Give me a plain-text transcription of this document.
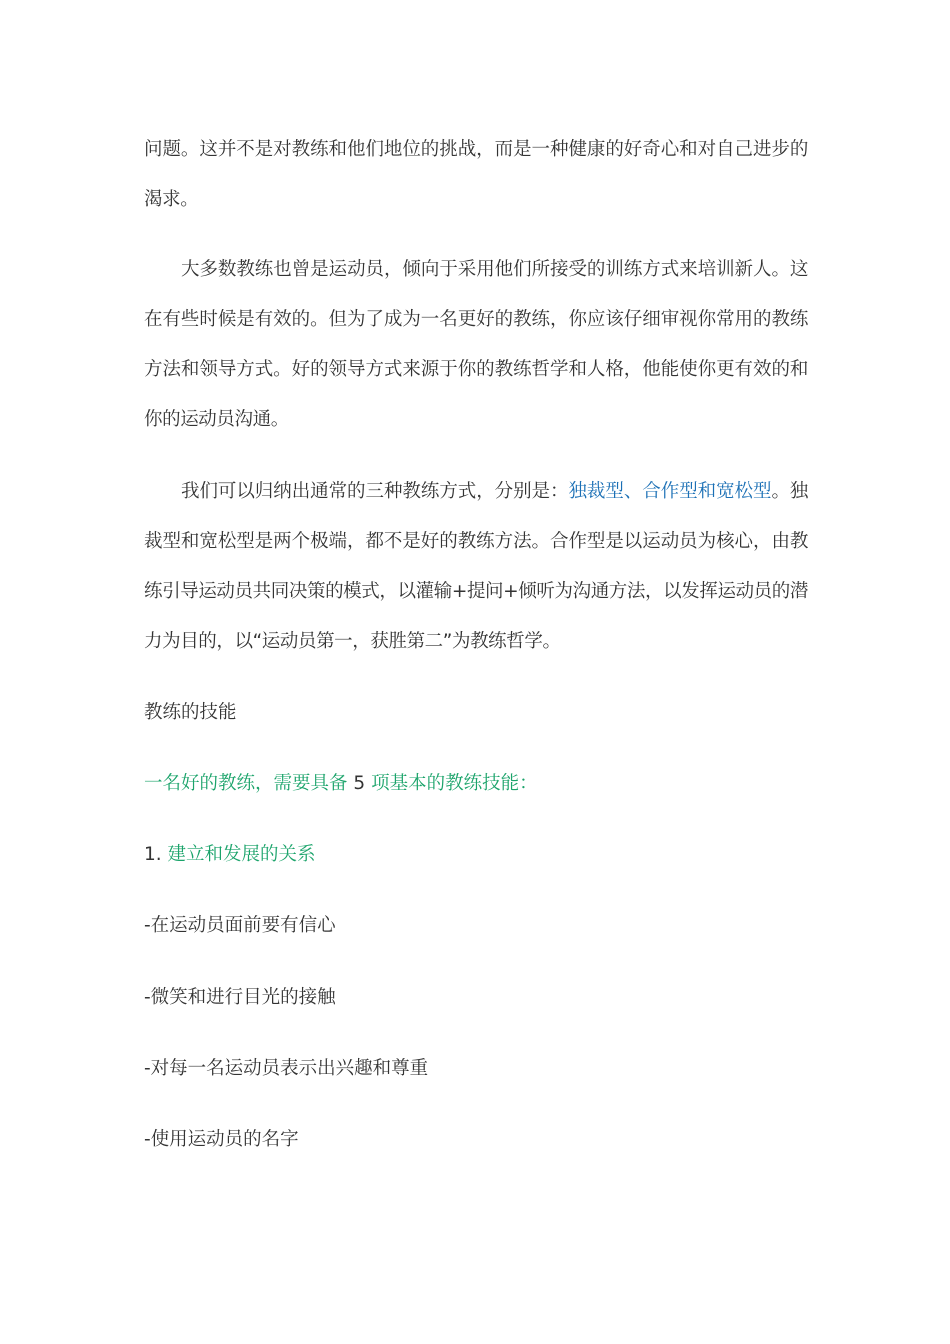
问题。这并不是对教练和他们地位的挑战，而是一种健康的好奇心和对自己进步的渴求。

大多数教练也曾是运动员，倾向于采用他们所接受的训练方式来培训新人。这在有些时候是有效的。但为了成为一名更好的教练，你应该仔细审视你常用的教练方法和领导方式。好的领导方式来源于你的教练哲学和人格，他能使你更有效的和你的运动员沟通。

我们可以归纳出通常的三种教练方式，分别是：独裁型、合作型和宽松型。独裁型和宽松型是两个极端，都不是好的教练方法。合作型是以运动员为核心，由教练引导运动员共同决策的模式，以灌输+提问+倾听为沟通方法，以发挥运动员的潜力为目的，以“运动员第一，获胜第二”为教练哲学。

教练的技能
一名好的教练，需要具备 5 项基本的教练技能：
1. 建立和发展的关系
-在运动员面前要有信心
-微笑和进行目光的接触
-对每一名运动员表示出兴趣和尊重
-使用运动员的名字
